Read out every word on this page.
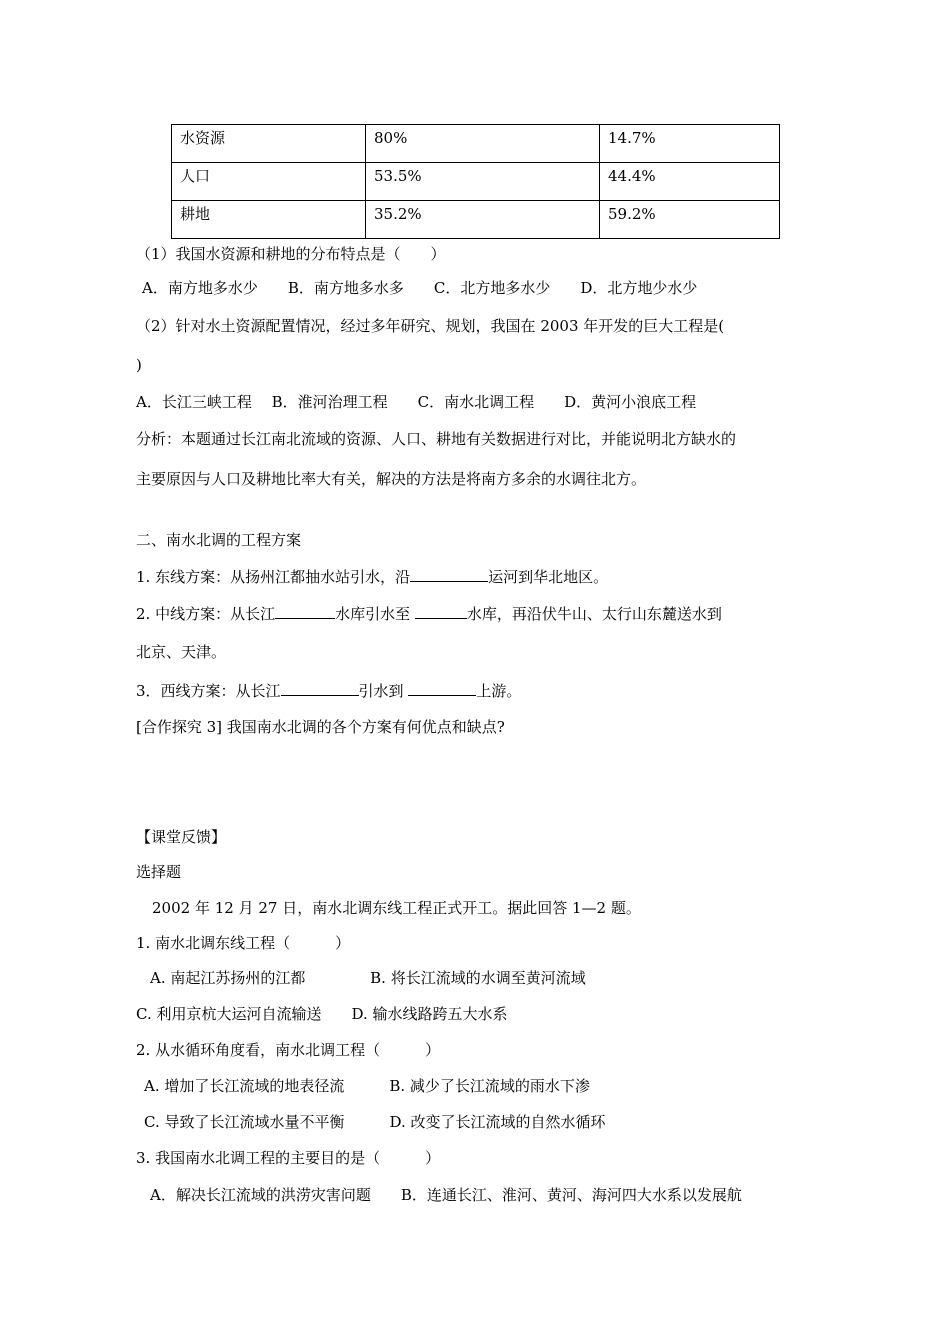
水资源	80%	14.7%
人口	53.5%	44.4%
耕地	35.2%	59.2%
（1）我国水资源和耕地的分布特点是（　　）
A．南方地多水少　　B．南方地多水多　　C．北方地多水少　　D．北方地少水少
（2）针对水土资源配置情况，经过多年研究、规划，我国在 2003 年开发的巨大工程是(
)
A．长江三峡工程　 B．淮河治理工程　　C．南水北调工程　　D．黄河小浪底工程
分析：本题通过长江南北流域的资源、人口、耕地有关数据进行对比，并能说明北方缺水的
主要原因与人口及耕地比率大有关，解决的方法是将南方多余的水调往北方。
二、南水北调的工程方案
1. 东线方案：从扬州江都抽水站引水，沿	运河到华北地区。
2. 中线方案：从长江	水库引水至	水库，再沿伏牛山、太行山东麓送水到
北京、天津。
3．西线方案：从长江	引水到	上游。
[合作探究 3] 我国南水北调的各个方案有何优点和缺点?
【课堂反馈】
选择题
2002 年 12 月 27 日，南水北调东线工程正式开工。据此回答 1—2 题。
1. 南水北调东线工程（　　　）
A. 南起江苏扬州的江都　　　　 B. 将长江流域的水调至黄河流域
C. 利用京杭大运河自流输送　　D. 输水线路跨五大水系
2. 从水循环角度看，南水北调工程（　　　）
A. 增加了长江流域的地表径流　　　B. 减少了长江流域的雨水下渗
C. 导致了长江流域水量不平衡　　　D. 改变了长江流域的自然水循环
3. 我国南水北调工程的主要目的是（　　　）
A．解决长江流域的洪涝灾害问题　　B．连通长江、淮河、黄河、海河四大水系以发展航
